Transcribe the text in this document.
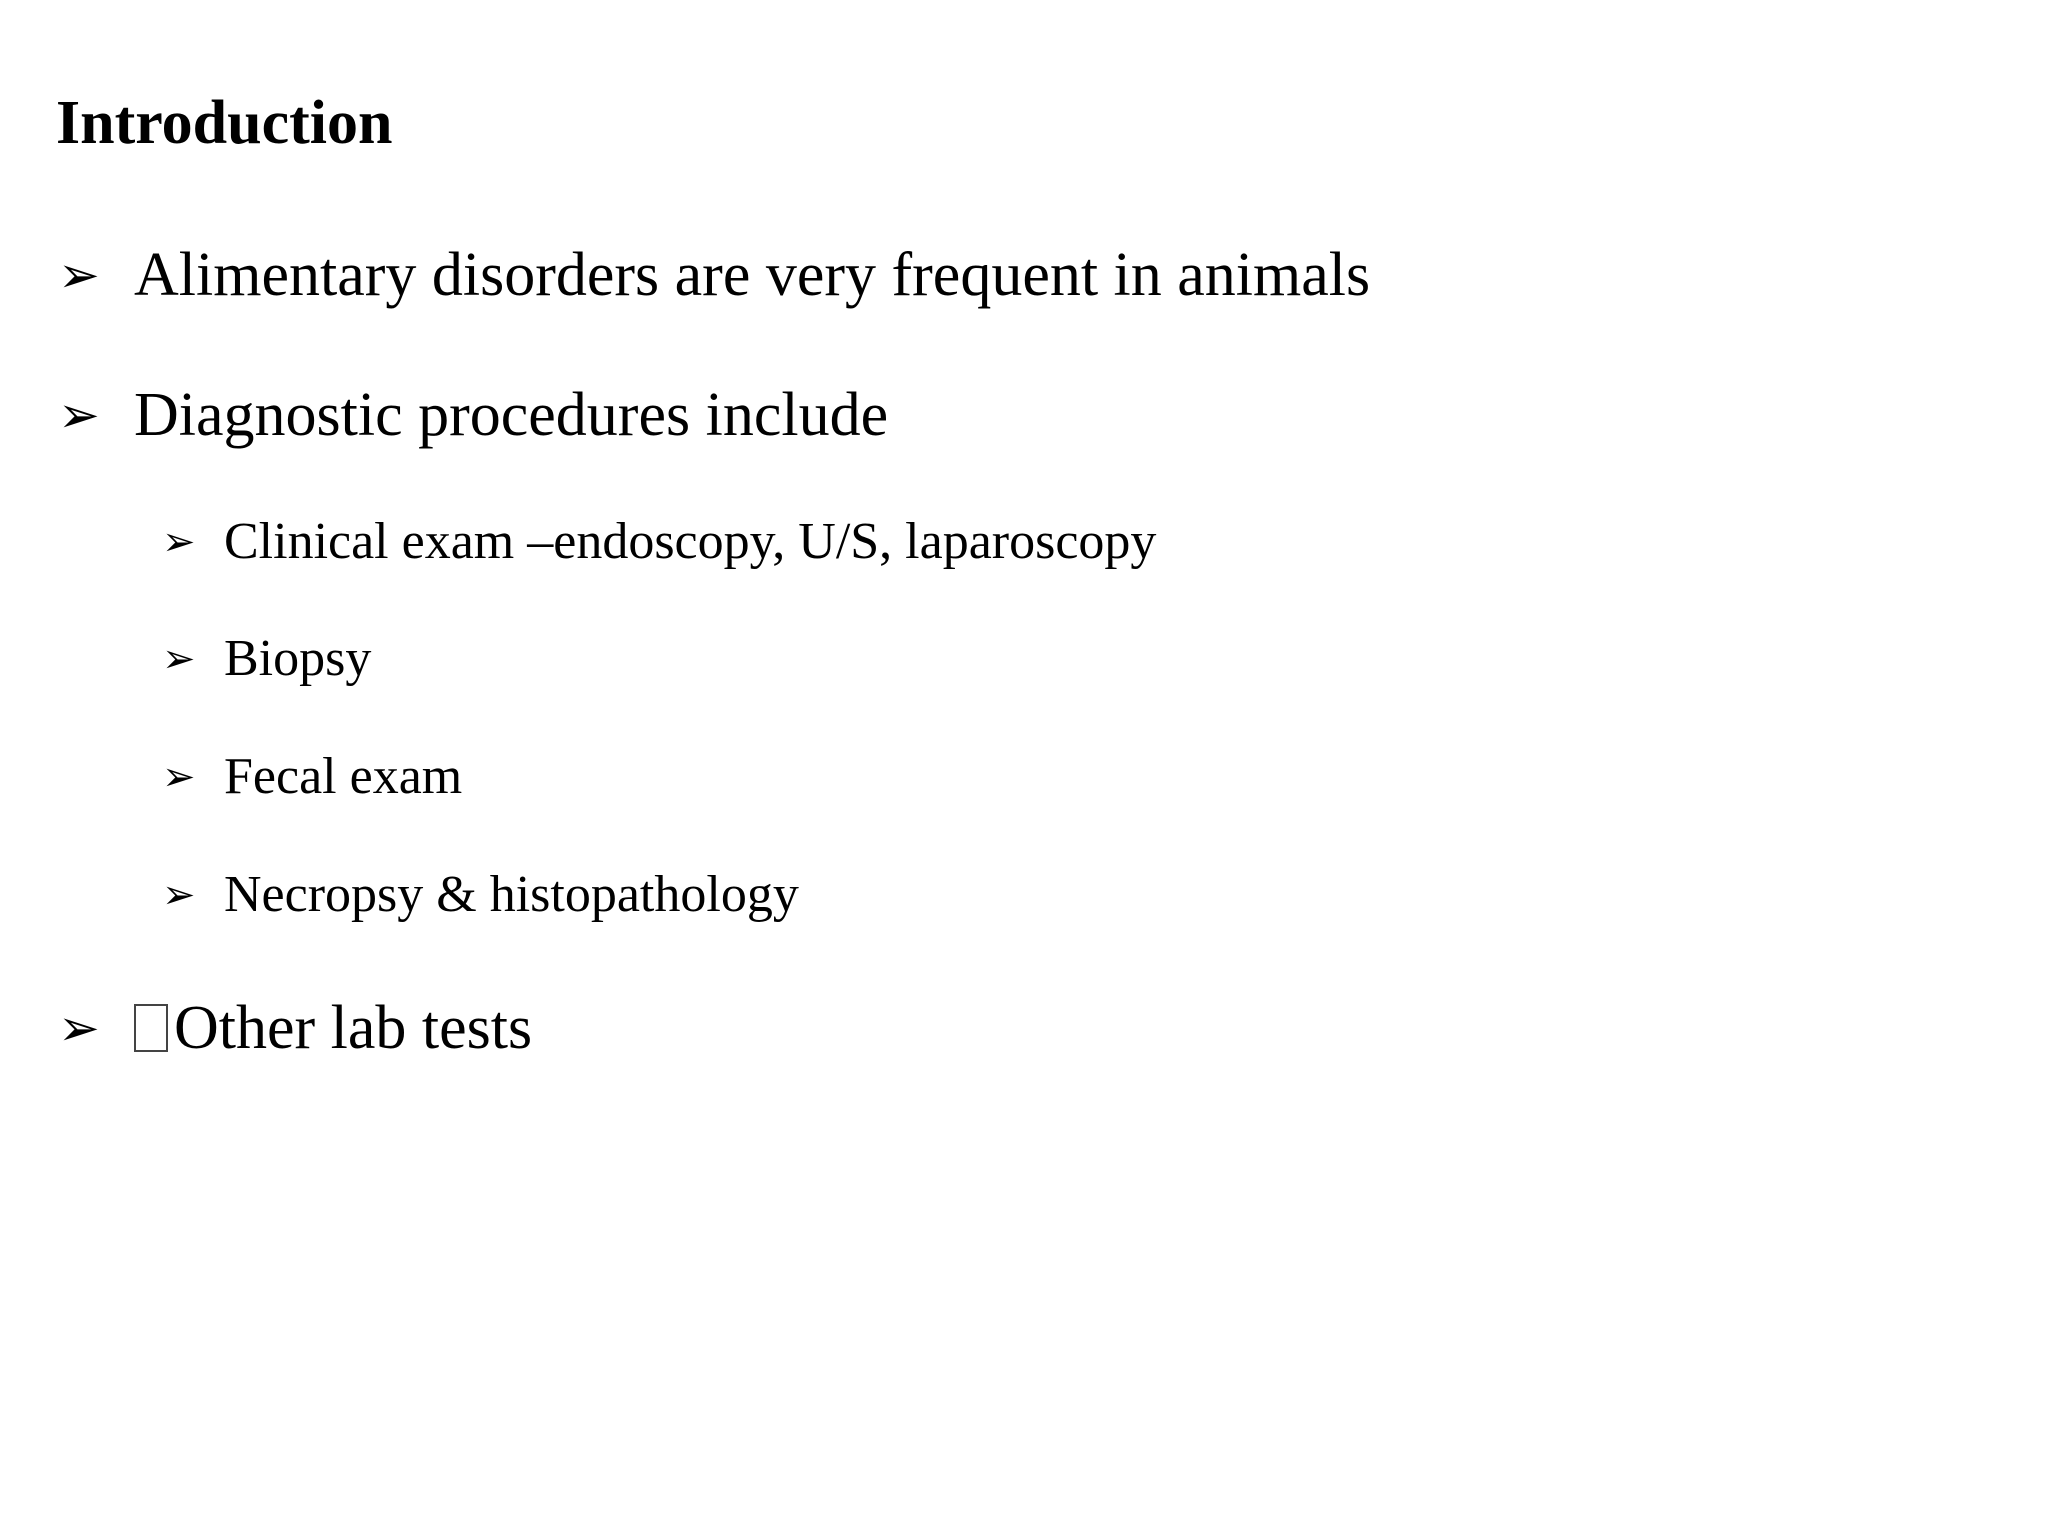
Introduction
➢ Alimentary disorders are very frequent in animals
➢ Diagnostic procedures include
➢ Clinical exam –endoscopy, U/S, laparoscopy
➢ Biopsy
➢ Fecal exam
➢ Necropsy & histopathology
➢	Other lab tests
